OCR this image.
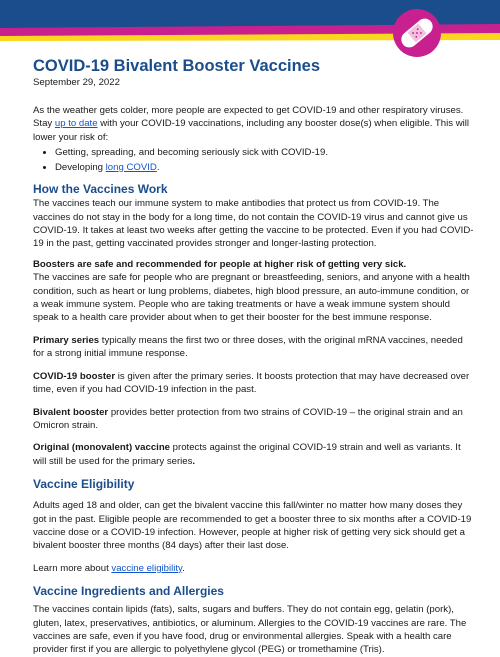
COVID-19 Bivalent Booster Vaccines

September 29, 2022

As the weather gets colder, more people are expected to get COVID-19 and other respiratory viruses. Stay up to date with your COVID-19 vaccinations, including any booster dose(s) when eligible. This will lower your risk of:

• Getting, spreading, and becoming seriously sick with COVID-19.
• Developing long COVID.
How the Vaccines Work

The vaccines teach our immune system to make antibodies that protect us from COVID-19. The vaccines do not stay in the body for a long time, do not contain the COVID-19 virus and cannot give us COVID-19. It takes at least two weeks after getting the vaccine to be protected. Even if you had COVID-19 in the past, getting vaccinated provides stronger and longer-lasting protection.

Boosters are safe and recommended for people at higher risk of getting very sick.

The vaccines are safe for people who are pregnant or breastfeeding, seniors, and anyone with a health condition, such as heart or lung problems, diabetes, high blood pressure, an auto-immune condition, or a weak immune system. People who are taking treatments or have a weak immune system should speak to a health care provider about when to get their booster for the best immune response.

Primary series typically means the first two or three doses, with the original mRNA vaccines, needed for a strong initial immune response.

COVID-19 booster is given after the primary series. It boosts protection that may have decreased over time, even if you had COVID-19 infection in the past.

Bivalent booster provides better protection from two strains of COVID-19 – the original strain and an Omicron strain.

Original (monovalent) vaccine protects against the original COVID-19 strain and well as variants. It will still be used for the primary series.

Vaccine Eligibility

Adults aged 18 and older, can get the bivalent vaccine this fall/winter no matter how many doses they got in the past. Eligible people are recommended to get a booster three to six months after a COVID-19 vaccine dose or a COVID-19 infection. However, people at higher risk of getting very sick should get a bivalent booster three months (84 days) after their last dose.

Learn more about vaccine eligibility.

Vaccine Ingredients and Allergies

The vaccines contain lipids (fats), salts, sugars and buffers. They do not contain egg, gelatin (pork), gluten, latex, preservatives, antibiotics, or aluminum. Allergies to the COVID-19 vaccines are rare. The vaccines are safe, even if you have food, drug or environmental allergies. Speak with a health care provider first if you are allergic to polyethylene glycol (PEG) or tromethamine (Tris).
